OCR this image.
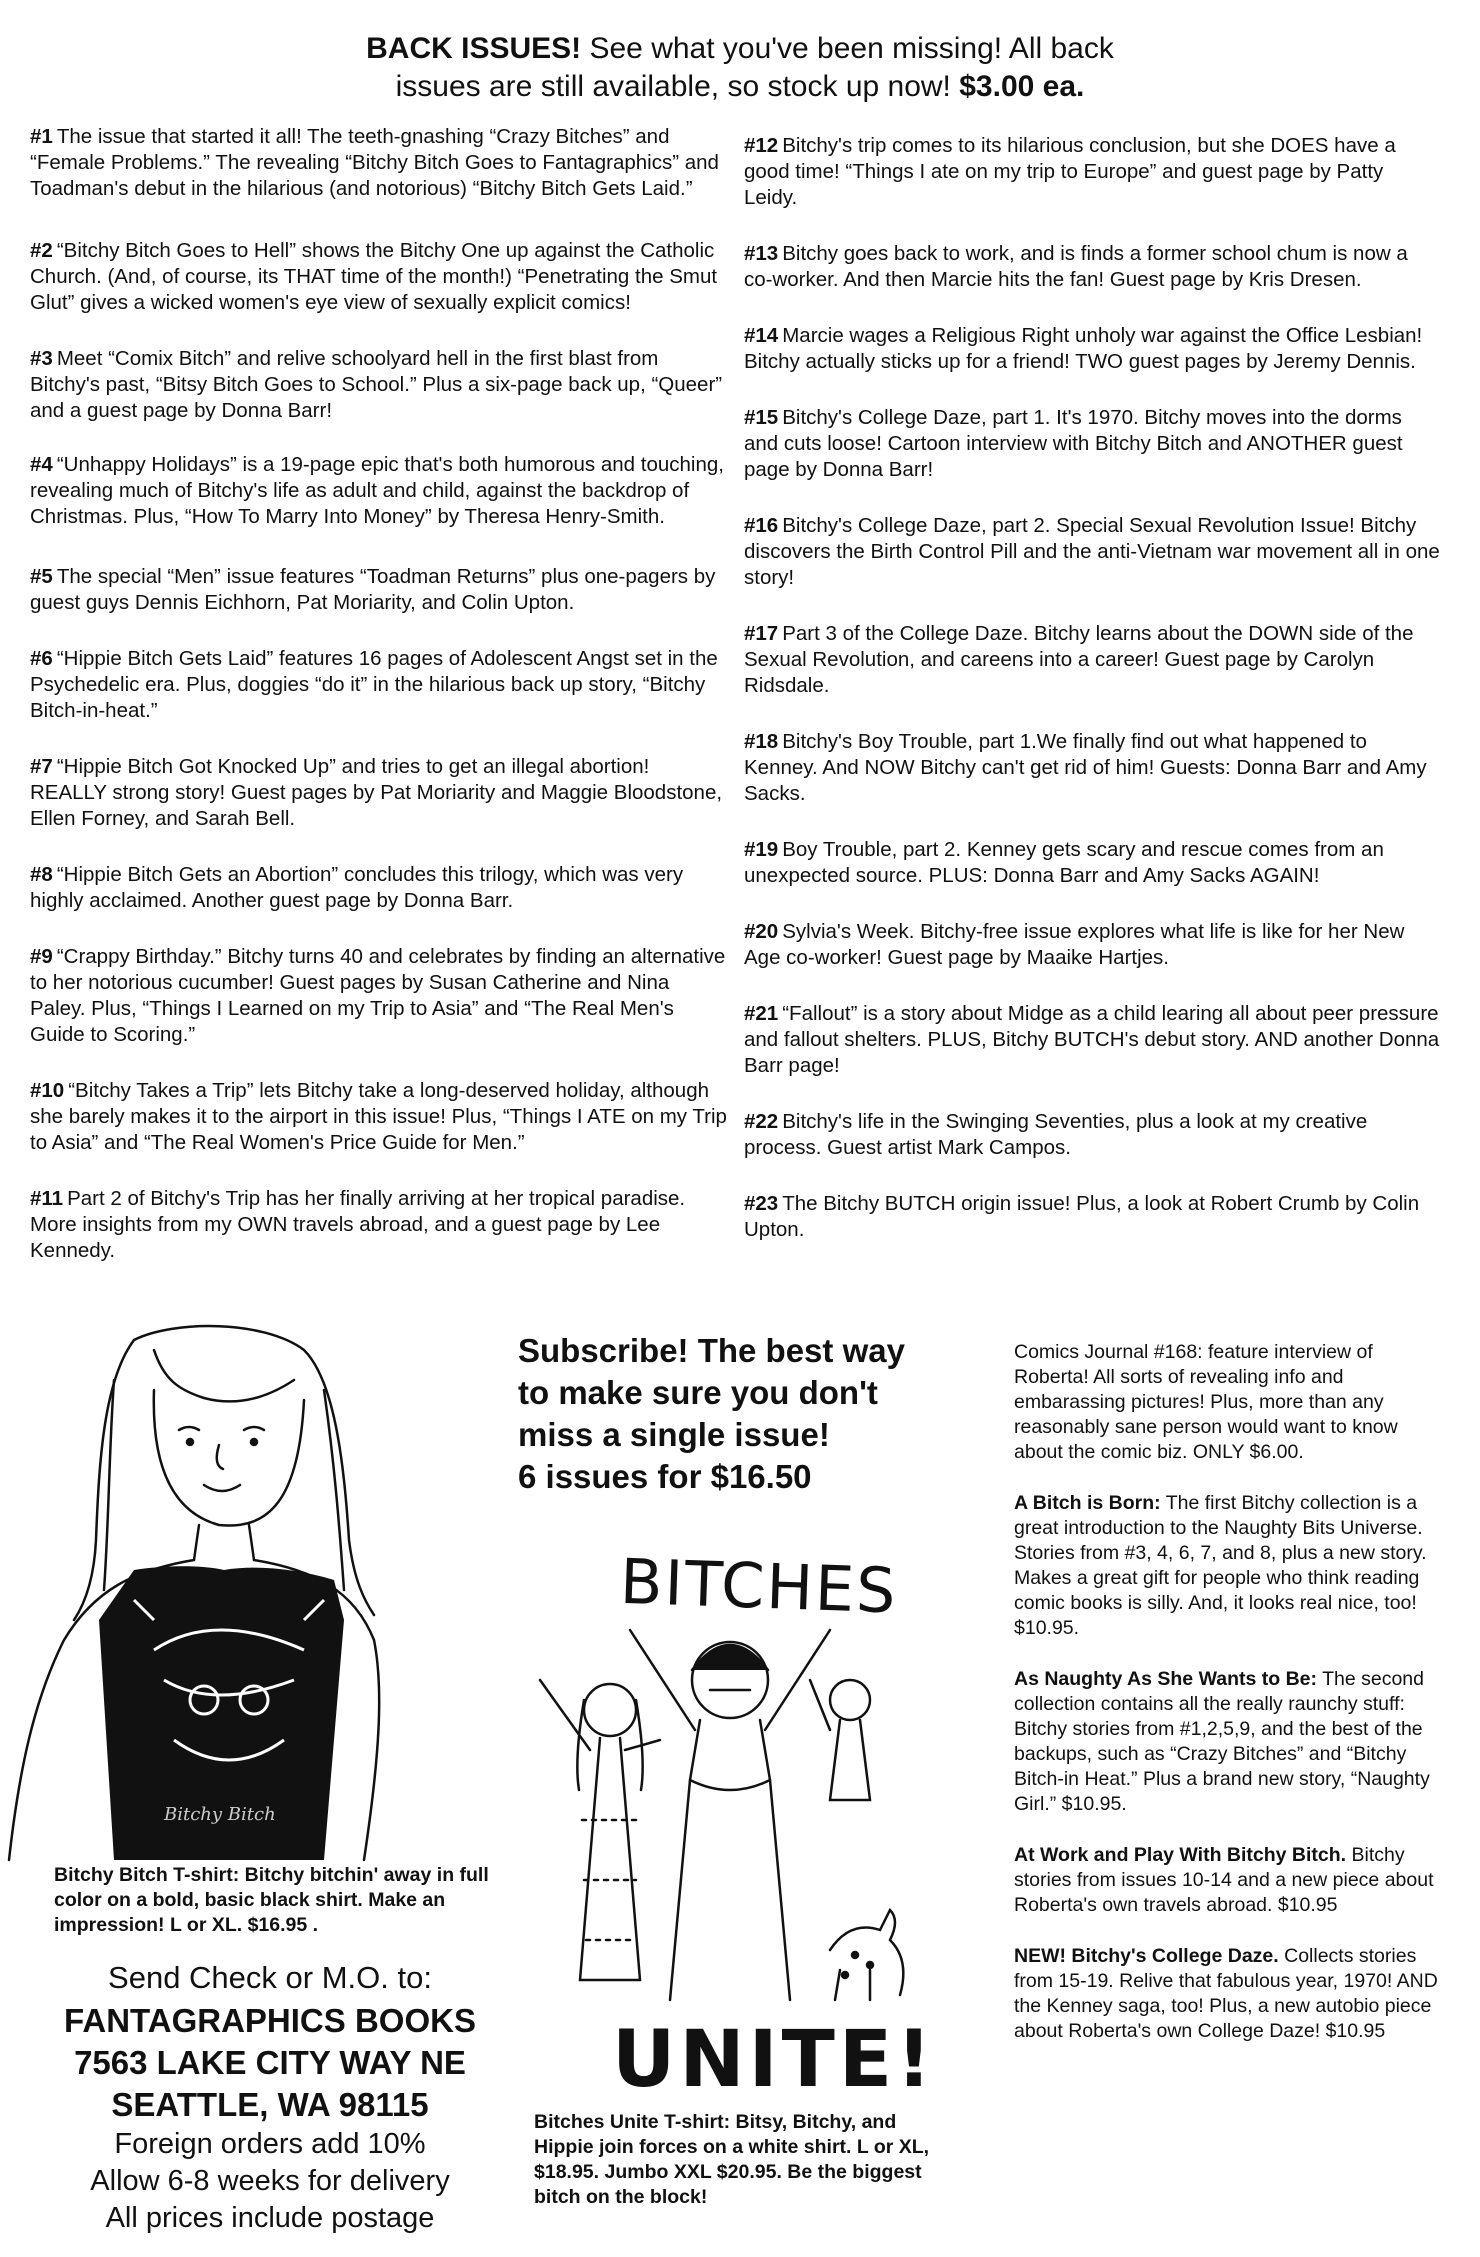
BACK ISSUES! See what you've been missing! All back
issues are still available, so stock up now! $3.00 ea.
#1 The issue that started it all! The teeth-gnashing “Crazy Bitches” and “Female Problems.” The revealing “Bitchy Bitch Goes to Fantagraphics” and Toadman's debut in the hilarious (and notorious) “Bitchy Bitch Gets Laid.”
#2 “Bitchy Bitch Goes to Hell” shows the Bitchy One up against the Catholic Church. (And, of course, its THAT time of the month!) “Penetrating the Smut Glut” gives a wicked women's eye view of sexually explicit comics!
#3 Meet “Comix Bitch” and relive schoolyard hell in the first blast from Bitchy's past, “Bitsy Bitch Goes to School.” Plus a six-page back up, “Queer” and a guest page by Donna Barr!
#4 “Unhappy Holidays” is a 19-page epic that's both humorous and touching, revealing much of Bitchy's life as adult and child, against the backdrop of Christmas. Plus, “How To Marry Into Money” by Theresa Henry-Smith.
#5 The special “Men” issue features “Toadman Returns” plus one-pagers by guest guys Dennis Eichhorn, Pat Moriarity, and Colin Upton.
#6 “Hippie Bitch Gets Laid” features 16 pages of Adolescent Angst set in the Psychedelic era. Plus, doggies “do it” in the hilarious back up story, “Bitchy Bitch-in-heat.”
#7 “Hippie Bitch Got Knocked Up” and tries to get an illegal abortion! REALLY strong story! Guest pages by Pat Moriarity and Maggie Bloodstone, Ellen Forney, and Sarah Bell.
#8 “Hippie Bitch Gets an Abortion” concludes this trilogy, which was very highly acclaimed. Another guest page by Donna Barr.
#9 “Crappy Birthday.” Bitchy turns 40 and celebrates by finding an alternative to her notorious cucumber! Guest pages by Susan Catherine and Nina Paley. Plus, “Things I Learned on my Trip to Asia” and “The Real Men's Guide to Scoring.”
#10 “Bitchy Takes a Trip” lets Bitchy take a long-deserved holiday, although she barely makes it to the airport in this issue! Plus, “Things I ATE on my Trip to Asia” and “The Real Women's Price Guide for Men.”
#11 Part 2 of Bitchy's Trip has her finally arriving at her tropical paradise. More insights from my OWN travels abroad, and a guest page by Lee Kennedy.
#12 Bitchy's trip comes to its hilarious conclusion, but she DOES have a good time! “Things I ate on my trip to Europe” and guest page by Patty Leidy.
#13 Bitchy goes back to work, and is finds a former school chum is now a co-worker. And then Marcie hits the fan! Guest page by Kris Dresen.
#14 Marcie wages a Religious Right unholy war against the Office Lesbian! Bitchy actually sticks up for a friend! TWO guest pages by Jeremy Dennis.
#15 Bitchy's College Daze, part 1. It's 1970. Bitchy moves into the dorms and cuts loose! Cartoon interview with Bitchy Bitch and ANOTHER guest page by Donna Barr!
#16 Bitchy's College Daze, part 2. Special Sexual Revolution Issue! Bitchy discovers the Birth Control Pill and the anti-Vietnam war movement all in one story!
#17 Part 3 of the College Daze. Bitchy learns about the DOWN side of the Sexual Revolution, and careens into a career! Guest page by Carolyn Ridsdale.
#18 Bitchy's Boy Trouble, part 1.We finally find out what happened to Kenney. And NOW Bitchy can't get rid of him! Guests: Donna Barr and Amy Sacks.
#19 Boy Trouble, part 2. Kenney gets scary and rescue comes from an unexpected source. PLUS: Donna Barr and Amy Sacks AGAIN!
#20 Sylvia's Week. Bitchy-free issue explores what life is like for her New Age co-worker! Guest page by Maaike Hartjes.
#21 “Fallout” is a story about Midge as a child learing all about peer pressure and fallout shelters. PLUS, Bitchy BUTCH's debut story. AND another Donna Barr page!
#22 Bitchy's life in the Swinging Seventies, plus a look at my creative process. Guest artist Mark Campos.
#23 The Bitchy BUTCH origin issue! Plus, a look at Robert Crumb by Colin Upton.
Bitchy Bitch
Subscribe! The best way
to make sure you don't
miss a single issue!
6 issues for $16.50
BITCHES
UNITE!
Bitches Unite T-shirt: Bitsy, Bitchy, and Hippie join forces on a white shirt. L or XL, $18.95. Jumbo XXL $20.95. Be the biggest bitch on the block!
Comics Journal #168: feature interview of Roberta! All sorts of revealing info and embarassing pictures! Plus, more than any reasonably sane person would want to know about the comic biz. ONLY $6.00.
A Bitch is Born: The first Bitchy collection is a great introduction to the Naughty Bits Universe. Stories from #3, 4, 6, 7, and 8, plus a new story. Makes a great gift for people who think reading comic books is silly. And, it looks real nice, too! $10.95.
As Naughty As She Wants to Be: The second collection contains all the really raunchy stuff: Bitchy stories from #1,2,5,9, and the best of the backups, such as “Crazy Bitches” and “Bitchy Bitch-in Heat.” Plus a brand new story, “Naughty Girl.” $10.95.
At Work and Play With Bitchy Bitch. Bitchy stories from issues 10-14 and a new piece about Roberta's own travels abroad. $10.95
NEW! Bitchy's College Daze. Collects stories from 15-19. Relive that fabulous year, 1970! AND the Kenney saga, too! Plus, a new autobio piece about Roberta's own College Daze! $10.95
Bitchy Bitch T-shirt: Bitchy bitchin' away in full color on a bold, basic black shirt. Make an impression! L or XL. $16.95 .
Send Check or M.O. to:
FANTAGRAPHICS BOOKS
7563 LAKE CITY WAY NE
SEATTLE, WA 98115
Foreign orders add 10%
Allow 6-8 weeks for delivery
All prices include postage
